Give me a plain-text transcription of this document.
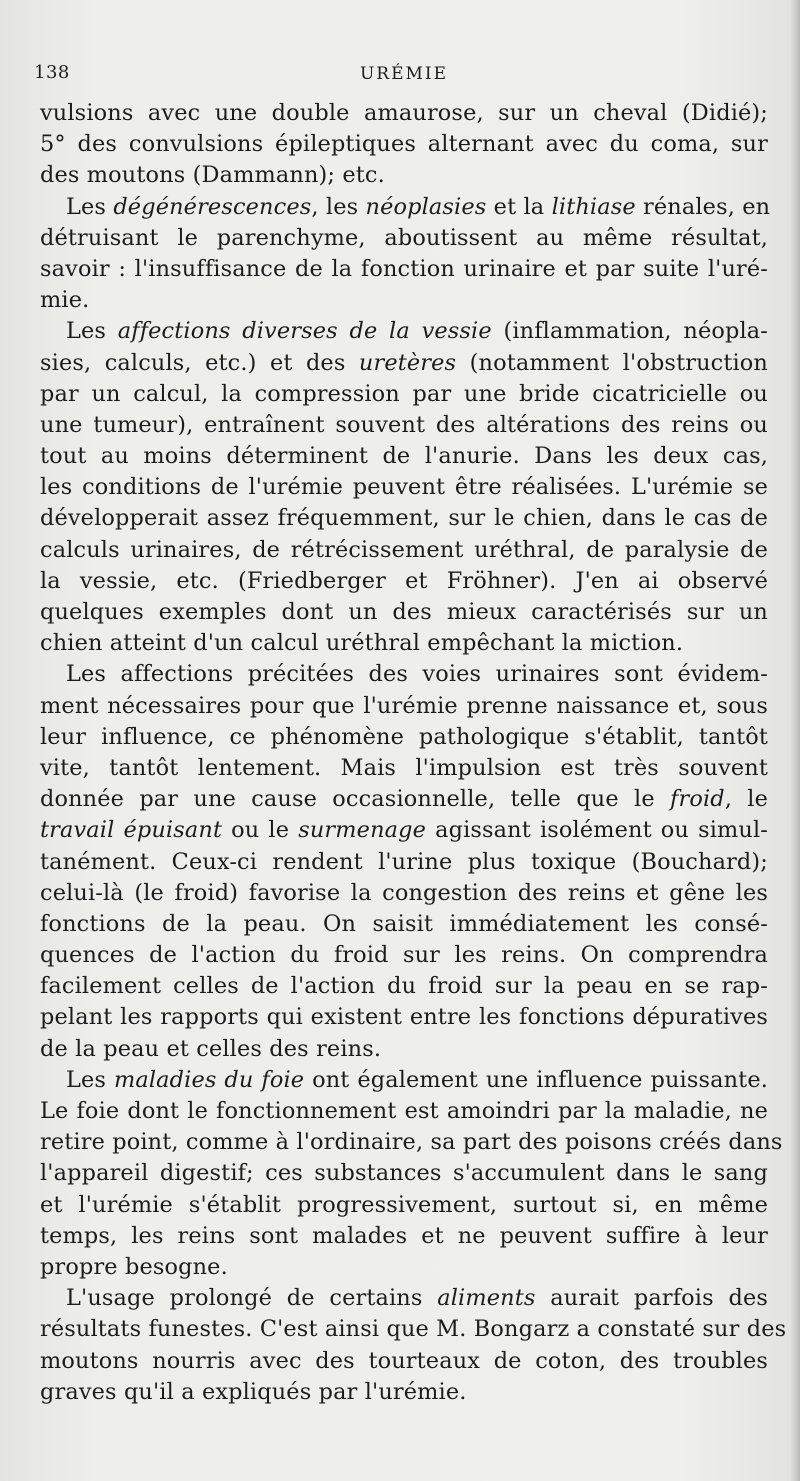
138	URÉMIE
vulsions avec une double amaurose, sur un cheval (Didié);
5° des convulsions épileptiques alternant avec du coma, sur
des moutons (Dammann); etc.
Les dégénérescences, les néoplasies et la lithiase rénales, en
détruisant le parenchyme, aboutissent au même résultat,
savoir : l'insuffisance de la fonction urinaire et par suite l'uré-
mie.
Les affections diverses de la vessie (inflammation, néopla-
sies, calculs, etc.) et des uretères (notamment l'obstruction
par un calcul, la compression par une bride cicatricielle ou
une tumeur), entraînent souvent des altérations des reins ou
tout au moins déterminent de l'anurie. Dans les deux cas,
les conditions de l'urémie peuvent être réalisées. L'urémie se
développerait assez fréquemment, sur le chien, dans le cas de
calculs urinaires, de rétrécissement uréthral, de paralysie de
la vessie, etc. (Friedberger et Fröhner). J'en ai observé
quelques exemples dont un des mieux caractérisés sur un
chien atteint d'un calcul uréthral empêchant la miction.
Les affections précitées des voies urinaires sont évidem-
ment nécessaires pour que l'urémie prenne naissance et, sous
leur influence, ce phénomène pathologique s'établit, tantôt
vite, tantôt lentement. Mais l'impulsion est très souvent
donnée par une cause occasionnelle, telle que le froid, le
travail épuisant ou le surmenage agissant isolément ou simul-
tanément. Ceux-ci rendent l'urine plus toxique (Bouchard);
celui-là (le froid) favorise la congestion des reins et gêne les
fonctions de la peau. On saisit immédiatement les consé-
quences de l'action du froid sur les reins. On comprendra
facilement celles de l'action du froid sur la peau en se rap-
pelant les rapports qui existent entre les fonctions dépuratives
de la peau et celles des reins.
Les maladies du foie ont également une influence puissante.
Le foie dont le fonctionnement est amoindri par la maladie, ne
retire point, comme à l'ordinaire, sa part des poisons créés dans
l'appareil digestif; ces substances s'accumulent dans le sang
et l'urémie s'établit progressivement, surtout si, en même
temps, les reins sont malades et ne peuvent suffire à leur
propre besogne.
L'usage prolongé de certains aliments aurait parfois des
résultats funestes. C'est ainsi que M. Bongarz a constaté sur des
moutons nourris avec des tourteaux de coton, des troubles
graves qu'il a expliqués par l'urémie.
